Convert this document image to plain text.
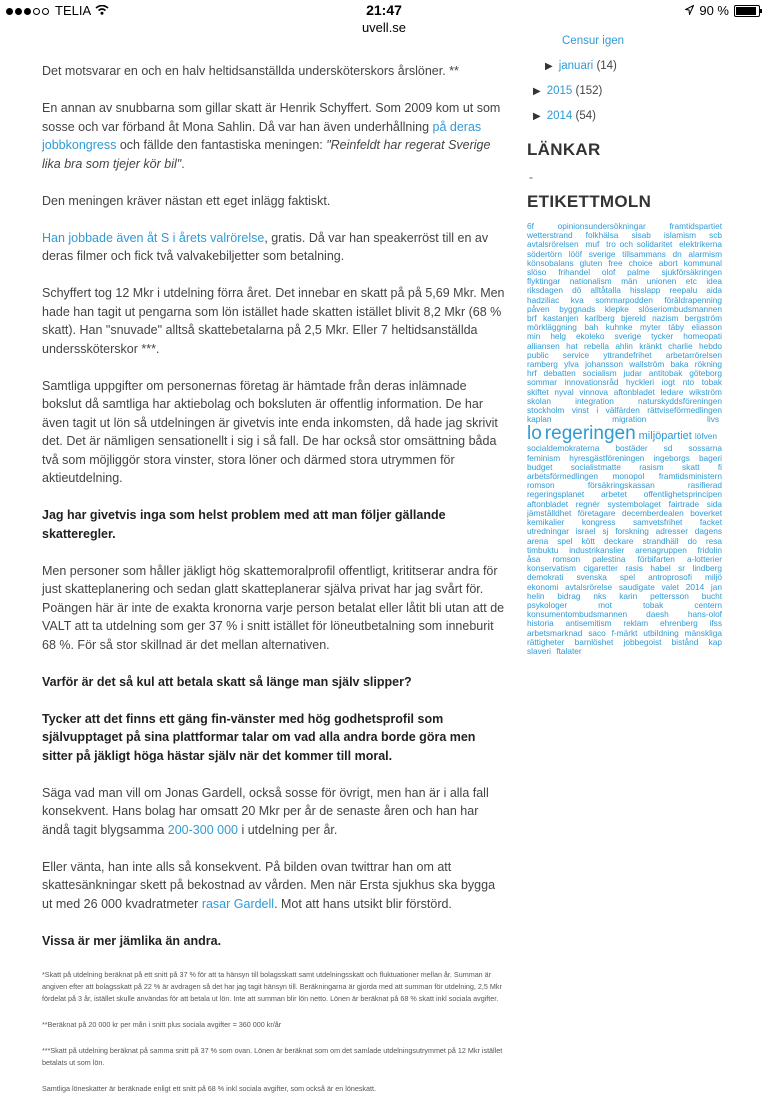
TELIA	21:47	90 %
uvell.se

Det motsvarar en och en halv heltidsanställda undersköterskors årslöner. **

En annan av snubbarna som gillar skatt är Henrik Schyffert. Som 2009 kom ut som sosse och var förband åt Mona Sahlin. Då var han även underhållning på deras jobbkongress och fällde den fantastiska meningen: "Reinfeldt har regerat Sverige lika bra som tjejer kör bil".

Den meningen kräver nästan ett eget inlägg faktiskt.

Han jobbade även åt S i årets valrörelse, gratis. Då var han speakerröst till en av deras filmer och fick två valvakebiljetter som betalning.

Schyffert tog 12 Mkr i utdelning förra året. Det innebar en skatt på på 5,69 Mkr. Men hade han tagit ut pengarna som lön istället hade skatten istället blivit 8,2 Mkr (68 % skatt). Han "snuvade" alltså skattebetalarna på 2,5 Mkr. Eller 7 heltidsanställda underssköterskor ***.

Samtliga uppgifter om personernas företag är hämtade från deras inlämnade bokslut då samtliga har aktiebolag och boksluten är offentlig information. De har även tagit ut lön så utdelningen är givetvis inte enda inkomsten, då hade jag skrivit det. Det är nämligen sensationellt i sig i så fall. De har också stor omsättning båda två som möjliggör stora vinster, stora löner och därmed stora utrymmen för aktieutdelning.

Jag har givetvis inga som helst problem med att man följer gällande skatteregler.

Men personer som håller jäkligt hög skattemoralprofil offentligt, krititserar andra för just skatteplanering och sedan glatt skatteplanerar själva privat har jag svårt för. Poängen här är inte de exakta kronorna varje person betalat eller låtit bli utan att de VALT att ta utdelning som ger 37 % i snitt istället för löneutbetalning som inneburit 68 %. För så stor skillnad är det mellan alternativen.

Varför är det så kul att betala skatt så länge man själv slipper?

Tycker att det finns ett gäng fin-vänster med hög godhetsprofil som självupptaget på sina plattformar talar om vad alla andra borde göra men sitter på jäkligt höga hästar själv när det kommer till moral.

Säga vad man vill om Jonas Gardell, också sosse för övrigt, men han är i alla fall konsekvent. Hans bolag har omsatt 20 Mkr per år de senaste åren och han har ändå tagit blygsamma 200-300 000 i utdelning per år.

Eller vänta, han inte alls så konsekvent. På bilden ovan twittrar han om att skattesänkningar skett på bekostnad av vården. Men när Ersta sjukhus ska bygga ut med 26 000 kvadratmeter rasar Gardell. Mot att hans utsikt blir förstörd.

Vissa är mer jämlika än andra.

*Skatt på utdelning beräknat på ett snitt på 37 % för att ta hänsyn till bolagsskatt samt utdelningsskatt och fluktuationer mellan år. Summan är angiven efter att bolagsskatt på 22 % är avdragen så det har jag tagit hänsyn till. Beräkningarna är gjorda med att summan för utdelning, 2,5 Mkr fördelat på 3 år, istället skulle användas för att betala ut lön. Inte att summan blir lön netto. Lönen är beräknat på 68 % skatt inkl sociala avgifter.

**Beräknat på 20 000 kr per mån i snitt plus sociala avgifter = 360 000 kr/år

***Skatt på utdelning beräknat på samma snitt på 37 % som ovan. Lönen är beräknat som om det samlade utdelningsutrymmet på 12 Mkr istället betalats ut som lön.

Samtliga löneskatter är beräknade enligt ett snitt på 68 % inkl sociala avgifter, som också är en löneskatt.

Censur igen
▶ januari (14)
▶ 2015 (152)
▶ 2014 (54)
LÄNKAR
-
ETIKETTMOLN
6f	opinionsundersökningar	framtidspartiet wetterstrand folkhälsa sisab islamism scb avtalsrörelsen muf tro och solidaritet elektrikerna södertörn lööf sverige tillsammans dn alarmism könsobalans gluten free choice abort kommunal slöso frihandel olof palme sjukförsäkringen flyktingar nationalism män unionen etc idea riksdagen dö alltåtalla hisslapp reepalu aida hadziliac kva sommarpodden föräldrapenning påven byggnads klepke slöseriombudsmannen brf kastanjen karlberg bjereld nazism bergström mörkläggning bah kuhnke myter täby eliasson min helg ekoleko sverige tycker homeopati alliansen hat rebella ahlin kränkt charlie hebdo public service yttrandefrihet arbetarrörelsen ramberg ylva johansson wallström baka rökning hrf debatten socialism judar antitobak göteborg sommar innovationsråd hyckleri iogt nto tobak skiftet nyval vinnova aftonbladet ledare wikström skolan	integration	naturskyddsföreningen stockholm vinst i välfärden rättviseförmedlingen kaplan	migration	livs lo regeringen miljöpartiet löfven socialdemokraterna bostäder sd sossarna feminism hyresgästföreningen ingeborgs bageri budget socialistmatte rasism skatt fi arbetsförmedlingen monopol framtidsministern romson	försäkringskassan	rasifierad regeringsplanet arbetet offentlighetsprincipen aftonbladet regnér systembolaget fairtrade sida jämställdhet företagare decemberdealen boverket kemikalier kongress samvetsfrihet facket utredningar israel sj forskning adresser dagens arena spel kött deckare strandhäll do resa timbuktu industrikanslier arenagruppen fridolin åsa romson palestina förbifarten a-lotterier konservatism cigaretter rasis habel sr lindberg demokrati svenska spel antroprosofi miljö ekonomi avtalsrörelse saudigate valet 2014 jan helin bidrag nks karin pettersson bucht psykologer	mot	tobak	centern konsumentombudsmannen daesh hans-olof historia antisemitism reklam ehrenberg ifss arbetsmarknad saco f-märkt utbildning mänskliga rättigheter barnlöshet jobbegoist bistånd kap slaveri ftalater
